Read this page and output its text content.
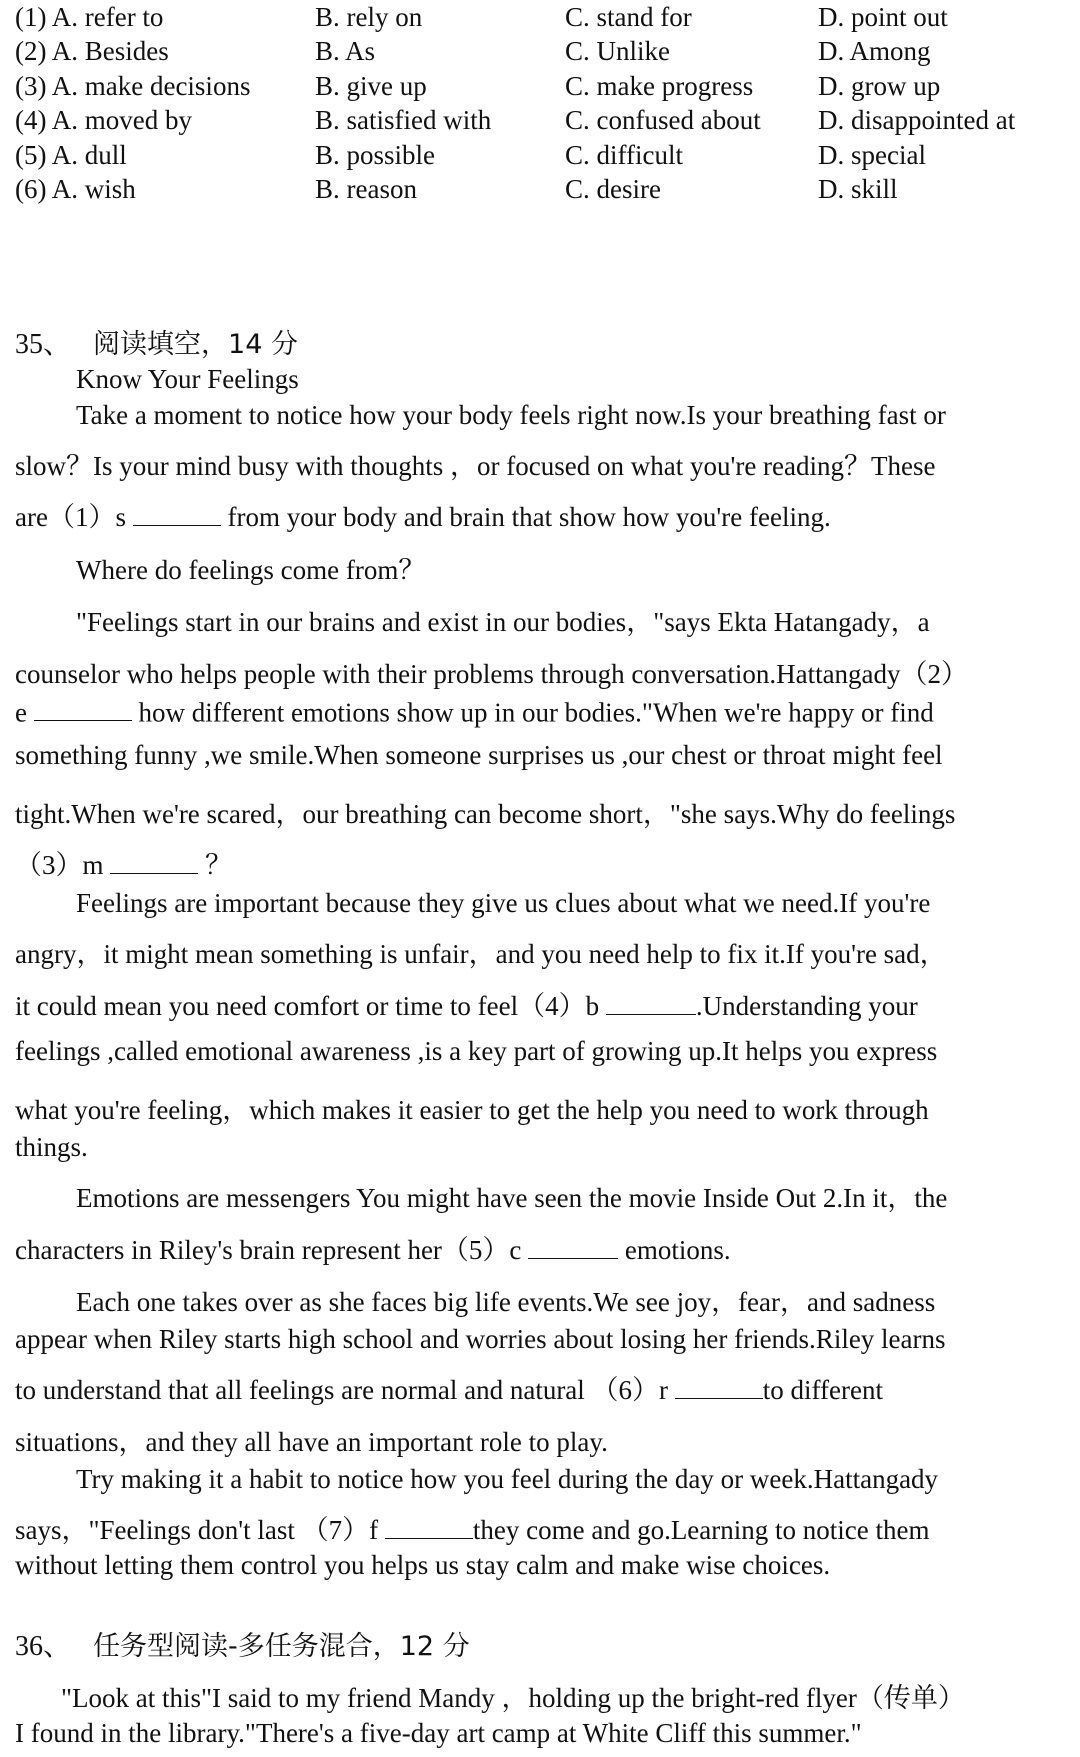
(1) A. refer to	B. rely on	C. stand for	D. point out
(2) A. Besides	B. As	C. Unlike	D. Among
(3) A. make decisions	B. give up	C. make progress	D. grow up
(4) A. moved by	B. satisfied with	C. confused about	D. disappointed at
(5) A. dull	B. possible	C. difficult	D. special
(6) A. wish	B. reason	C. desire	D. skill
35、 阅读填空，14 分
Know Your Feelings
Take a moment to notice how your body feels right now.Is your breathing fast or
slow？Is your mind busy with thoughts ，or focused on what you're reading？These
are（1）s	from your body and brain that show how you're feeling.
Where do feelings come from？
"Feelings start in our brains and exist in our bodies，"says Ekta Hatangady，a
counselor who helps people with their problems through conversation.Hattangady（2）
e	how different emotions show up in our bodies."When we're happy or find
something funny ,we smile.When someone surprises us ,our chest or throat might feel
tight.When we're scared，our breathing can become short，"she says.Why do feelings
（3）m	？
Feelings are important because they give us clues about what we need.If you're
angry，it might mean something is unfair，and you need help to fix it.If you're sad，
it could mean you need comfort or time to feel（4）b	.Understanding your
feelings ,called emotional awareness ,is a key part of growing up.It helps you express
what you're feeling，which makes it easier to get the help you need to work through
things.
Emotions are messengers You might have seen the movie Inside Out 2.In it，the
characters in Riley's brain represent her（5）c	emotions.
Each one takes over as she faces big life events.We see joy，fear，and sadness
appear when Riley starts high school and worries about losing her friends.Riley learns
to understand that all feelings are normal and natural （6）r	to different
situations，and they all have an important role to play.
Try making it a habit to notice how you feel during the day or week.Hattangady
says，"Feelings don't last （7）f	they come and go.Learning to notice them
without letting them control you helps us stay calm and make wise choices.
36、 任务型阅读-多任务混合，12 分
"Look at this"I said to my friend Mandy ，holding up the bright-red flyer（传单）
I found in the library."There's a five-day art camp at White Cliff this summer."
